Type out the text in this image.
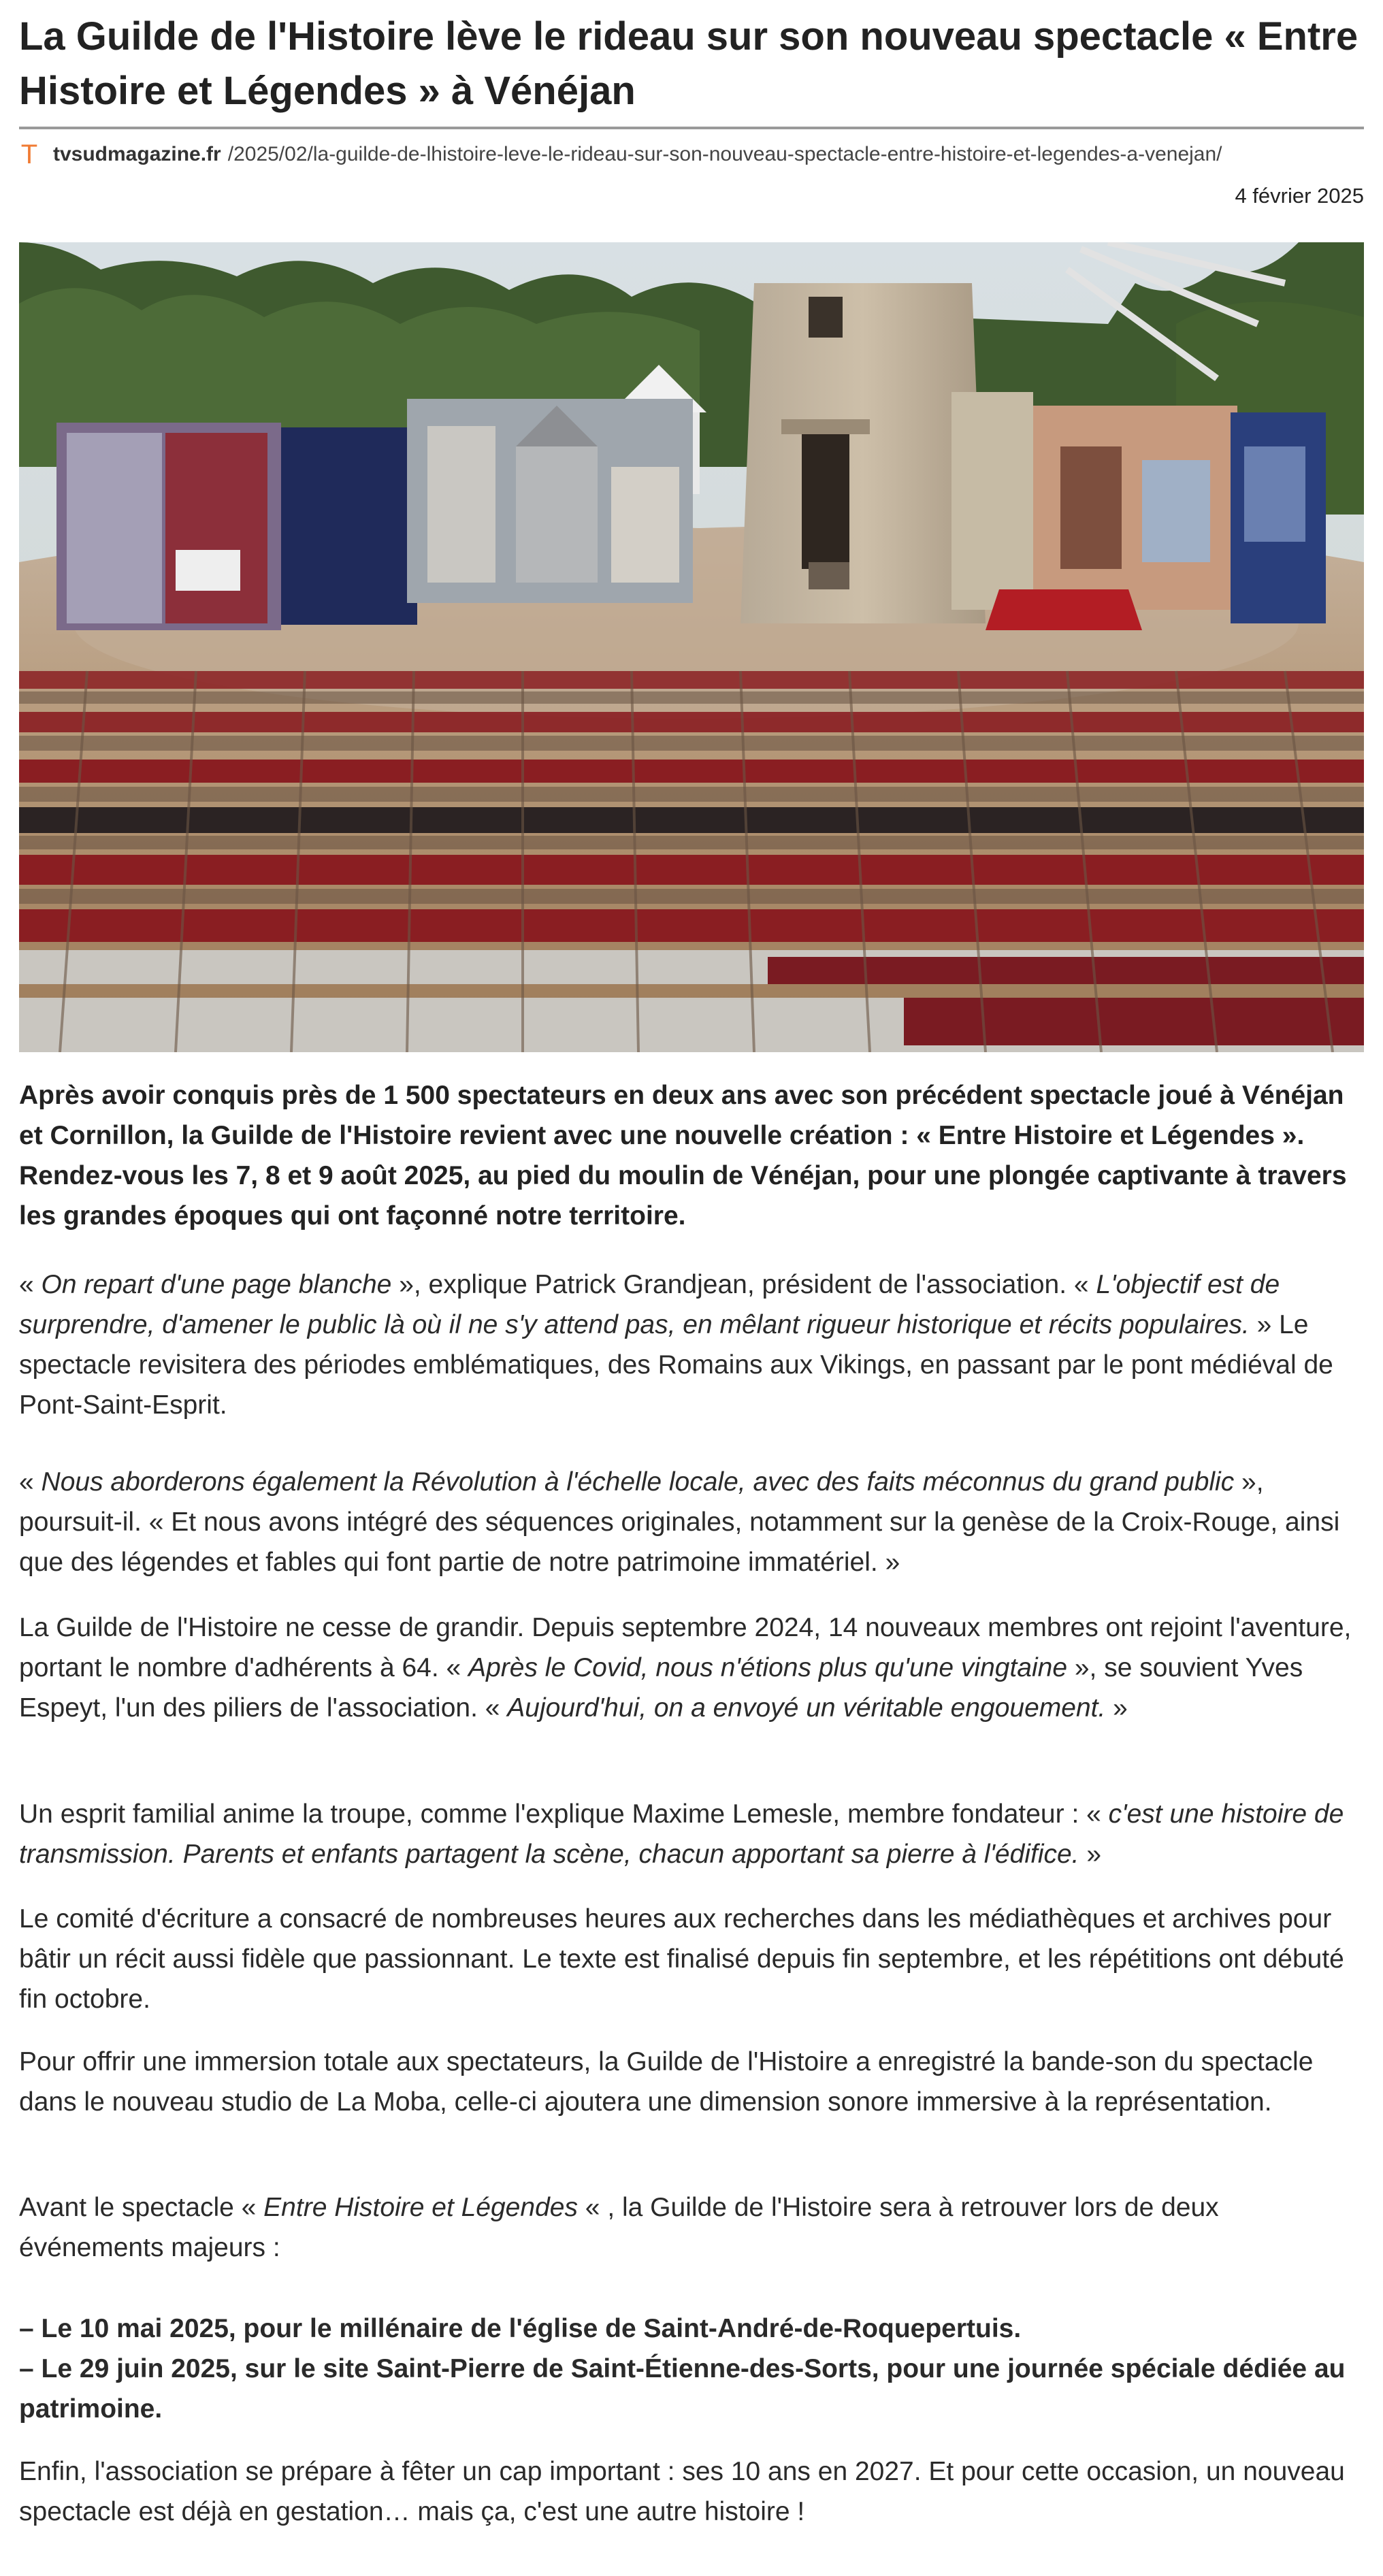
La Guilde de l'Histoire lève le rideau sur son nouveau spectacle « Entre Histoire et Légendes » à Vénéjan
T tvsudmagazine.fr /2025/02/la-guilde-de-lhistoire-leve-le-rideau-sur-son-nouveau-spectacle-entre-histoire-et-legendes-a-venejan/
4 février 2025

Après avoir conquis près de 1 500 spectateurs en deux ans avec son précédent spectacle joué à Vénéjan et Cornillon, la Guilde de l'Histoire revient avec une nouvelle création : « Entre Histoire et Légendes ». Rendez-vous les 7, 8 et 9 août 2025, au pied du moulin de Vénéjan, pour une plongée captivante à travers les grandes époques qui ont façonné notre territoire.

« On repart d'une page blanche », explique Patrick Grandjean, président de l'association. « L'objectif est de surprendre, d'amener le public là où il ne s'y attend pas, en mêlant rigueur historique et récits populaires. » Le spectacle revisitera des périodes emblématiques, des Romains aux Vikings, en passant par le pont médiéval de Pont-Saint-Esprit.

« Nous aborderons également la Révolution à l'échelle locale, avec des faits méconnus du grand public », poursuit-il. « Et nous avons intégré des séquences originales, notamment sur la genèse de la Croix-Rouge, ainsi que des légendes et fables qui font partie de notre patrimoine immatériel. »

La Guilde de l'Histoire ne cesse de grandir. Depuis septembre 2024, 14 nouveaux membres ont rejoint l'aventure, portant le nombre d'adhérents à 64. « Après le Covid, nous n'étions plus qu'une vingtaine », se souvient Yves Espeyt, l'un des piliers de l'association. « Aujourd'hui, on a envoyé un véritable engouement. »

Un esprit familial anime la troupe, comme l'explique Maxime Lemesle, membre fondateur : « c'est une histoire de transmission. Parents et enfants partagent la scène, chacun apportant sa pierre à l'édifice. »

Le comité d'écriture a consacré de nombreuses heures aux recherches dans les médiathèques et archives pour bâtir un récit aussi fidèle que passionnant. Le texte est finalisé depuis fin septembre, et les répétitions ont débuté fin octobre.

Pour offrir une immersion totale aux spectateurs, la Guilde de l'Histoire a enregistré la bande-son du spectacle dans le nouveau studio de La Moba, celle-ci ajoutera une dimension sonore immersive à la représentation.

Avant le spectacle « Entre Histoire et Légendes « , la Guilde de l'Histoire sera à retrouver lors de deux événements majeurs :

– Le 10 mai 2025, pour le millénaire de l'église de Saint-André-de-Roquepertuis.
– Le 29 juin 2025, sur le site Saint-Pierre de Saint-Étienne-des-Sorts, pour une journée spéciale dédiée au patrimoine.

Enfin, l'association se prépare à fêter un cap important : ses 10 ans en 2027. Et pour cette occasion, un nouveau spectacle est déjà en gestation… mais ça, c'est une autre histoire !
